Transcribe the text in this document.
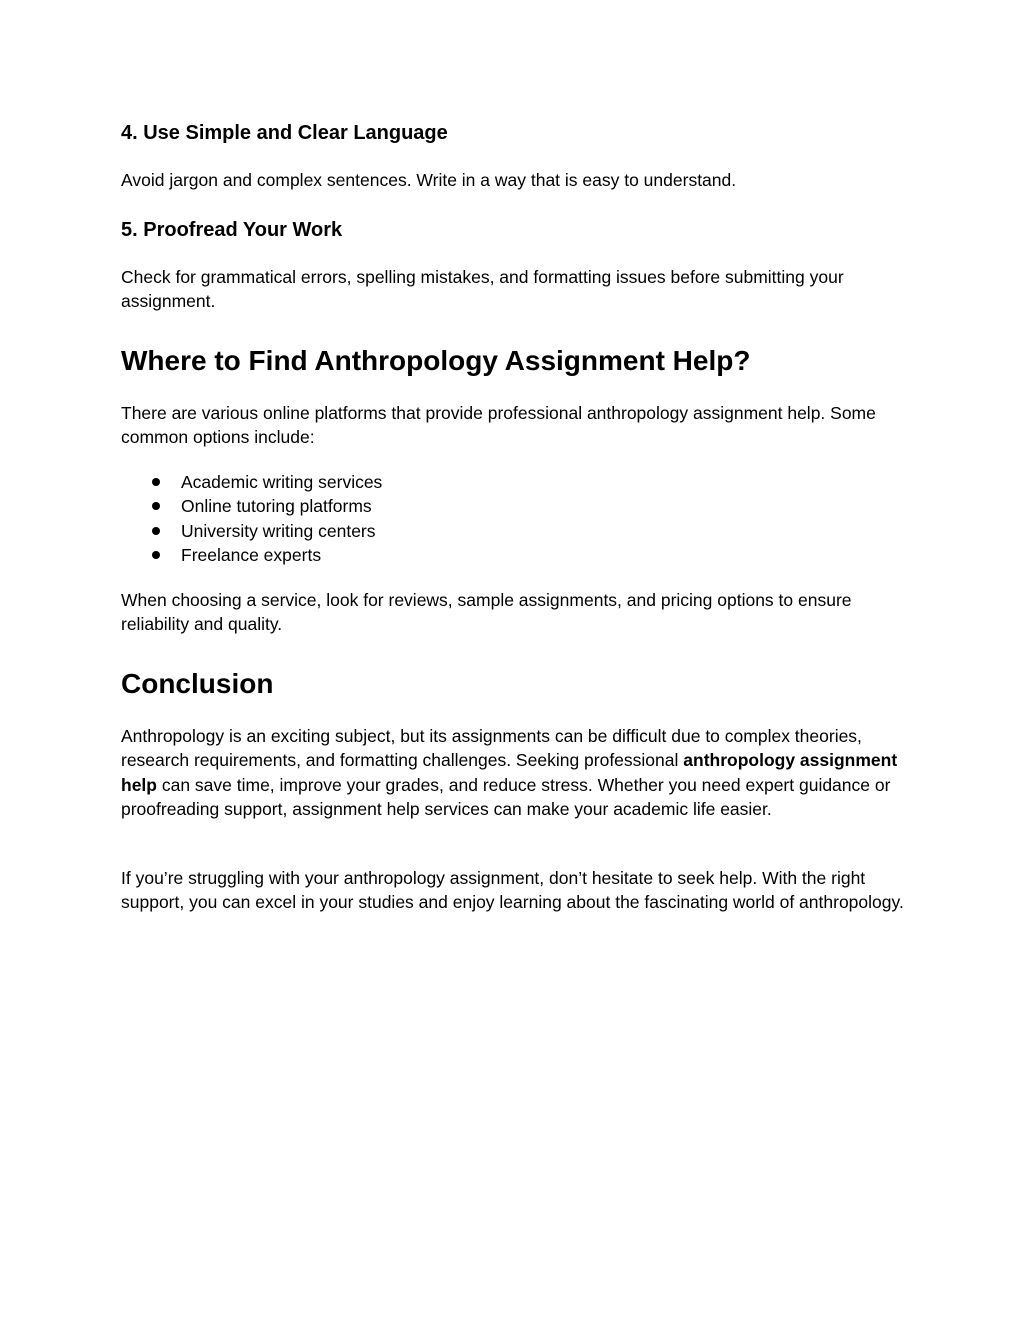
4. Use Simple and Clear Language

Avoid jargon and complex sentences. Write in a way that is easy to understand.

5. Proofread Your Work

Check for grammatical errors, spelling mistakes, and formatting issues before submitting your assignment.

Where to Find Anthropology Assignment Help?

There are various online platforms that provide professional anthropology assignment help. Some common options include:

Academic writing services
Online tutoring platforms
University writing centers
Freelance experts

When choosing a service, look for reviews, sample assignments, and pricing options to ensure reliability and quality.

Conclusion

Anthropology is an exciting subject, but its assignments can be difficult due to complex theories, research requirements, and formatting challenges. Seeking professional anthropology assignment help can save time, improve your grades, and reduce stress. Whether you need expert guidance or proofreading support, assignment help services can make your academic life easier.

If you’re struggling with your anthropology assignment, don’t hesitate to seek help. With the right support, you can excel in your studies and enjoy learning about the fascinating world of anthropology.
